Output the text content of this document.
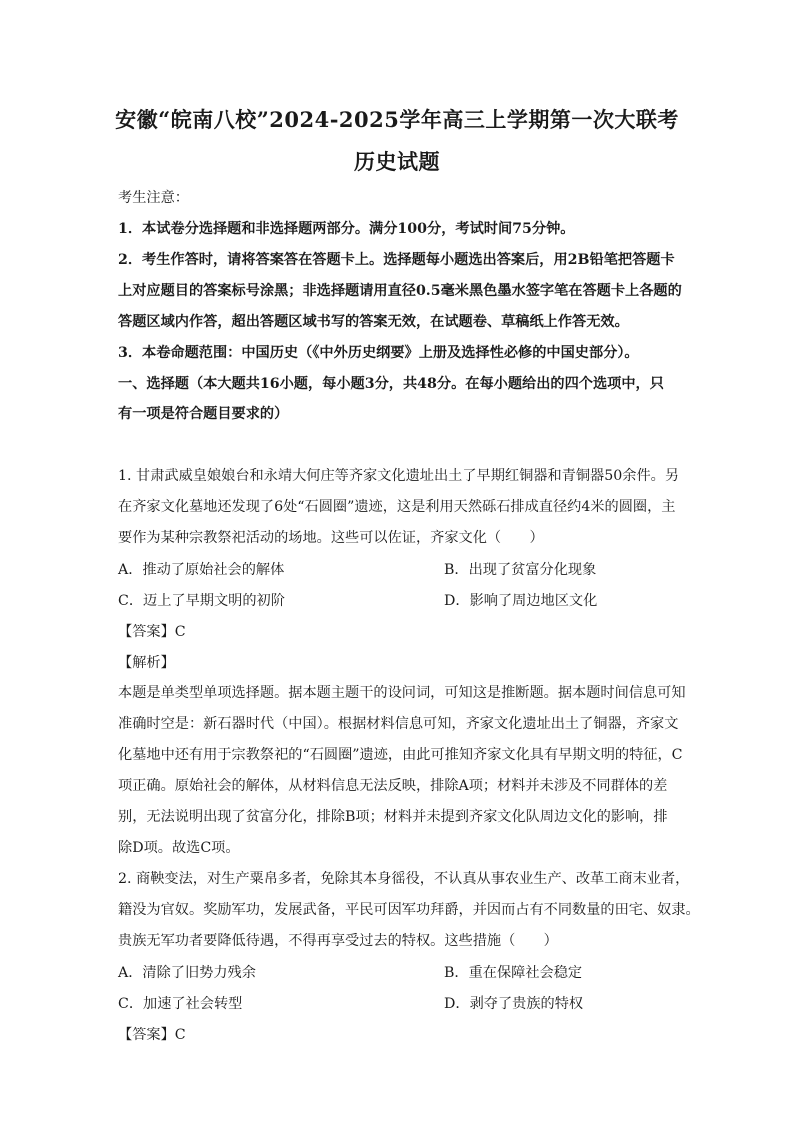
安徽“皖南八校”2024-2025学年高三上学期第一次大联考
历史试题
考生注意：
1．本试卷分选择题和非选择题两部分。满分100分，考试时间75分钟。
2．考生作答时，请将答案答在答题卡上。选择题每小题选出答案后，用2B铅笔把答题卡
上对应题目的答案标号涂黑；非选择题请用直径0.5毫米黑色墨水签字笔在答题卡上各题的
答题区域内作答，超出答题区域书写的答案无效，在试题卷、草稿纸上作答无效。
3．本卷命题范围：中国历史（《中外历史纲要》上册及选择性必修的中国史部分）。
一、选择题（本大题共16小题，每小题3分，共48分。在每小题给出的四个选项中，只
有一项是符合题目要求的）
1. 甘肃武威皇娘娘台和永靖大何庄等齐家文化遗址出土了早期红铜器和青铜器50余件。另
在齐家文化墓地还发现了6处“石圆圈”遗迹，这是利用天然砾石排成直径约4米的圆圈，主
要作为某种宗教祭祀活动的场地。这些可以佐证，齐家文化（　　）
A．推动了原始社会的解体	B．出现了贫富分化现象
C．迈上了早期文明的初阶	D．影响了周边地区文化
【答案】C
【解析】
本题是单类型单项选择题。据本题主题干的设问词，可知这是推断题。据本题时间信息可知
准确时空是：新石器时代（中国）。根据材料信息可知，齐家文化遗址出土了铜器，齐家文
化墓地中还有用于宗教祭祀的“石圆圈”遗迹，由此可推知齐家文化具有早期文明的特征，C
项正确。原始社会的解体，从材料信息无法反映，排除A项；材料并未涉及不同群体的差
别，无法说明出现了贫富分化，排除B项；材料并未提到齐家文化队周边文化的影响，排
除D项。故选C项。
2. 商鞅变法，对生产粟帛多者，免除其本身徭役，不认真从事农业生产、改革工商末业者，
籍没为官奴。奖励军功，发展武备，平民可因军功拜爵，并因而占有不同数量的田宅、奴隶。
贵族无军功者要降低待遇，不得再享受过去的特权。这些措施（　　）
A．清除了旧势力残余	B．重在保障社会稳定
C．加速了社会转型	D．剥夺了贵族的特权
【答案】C
